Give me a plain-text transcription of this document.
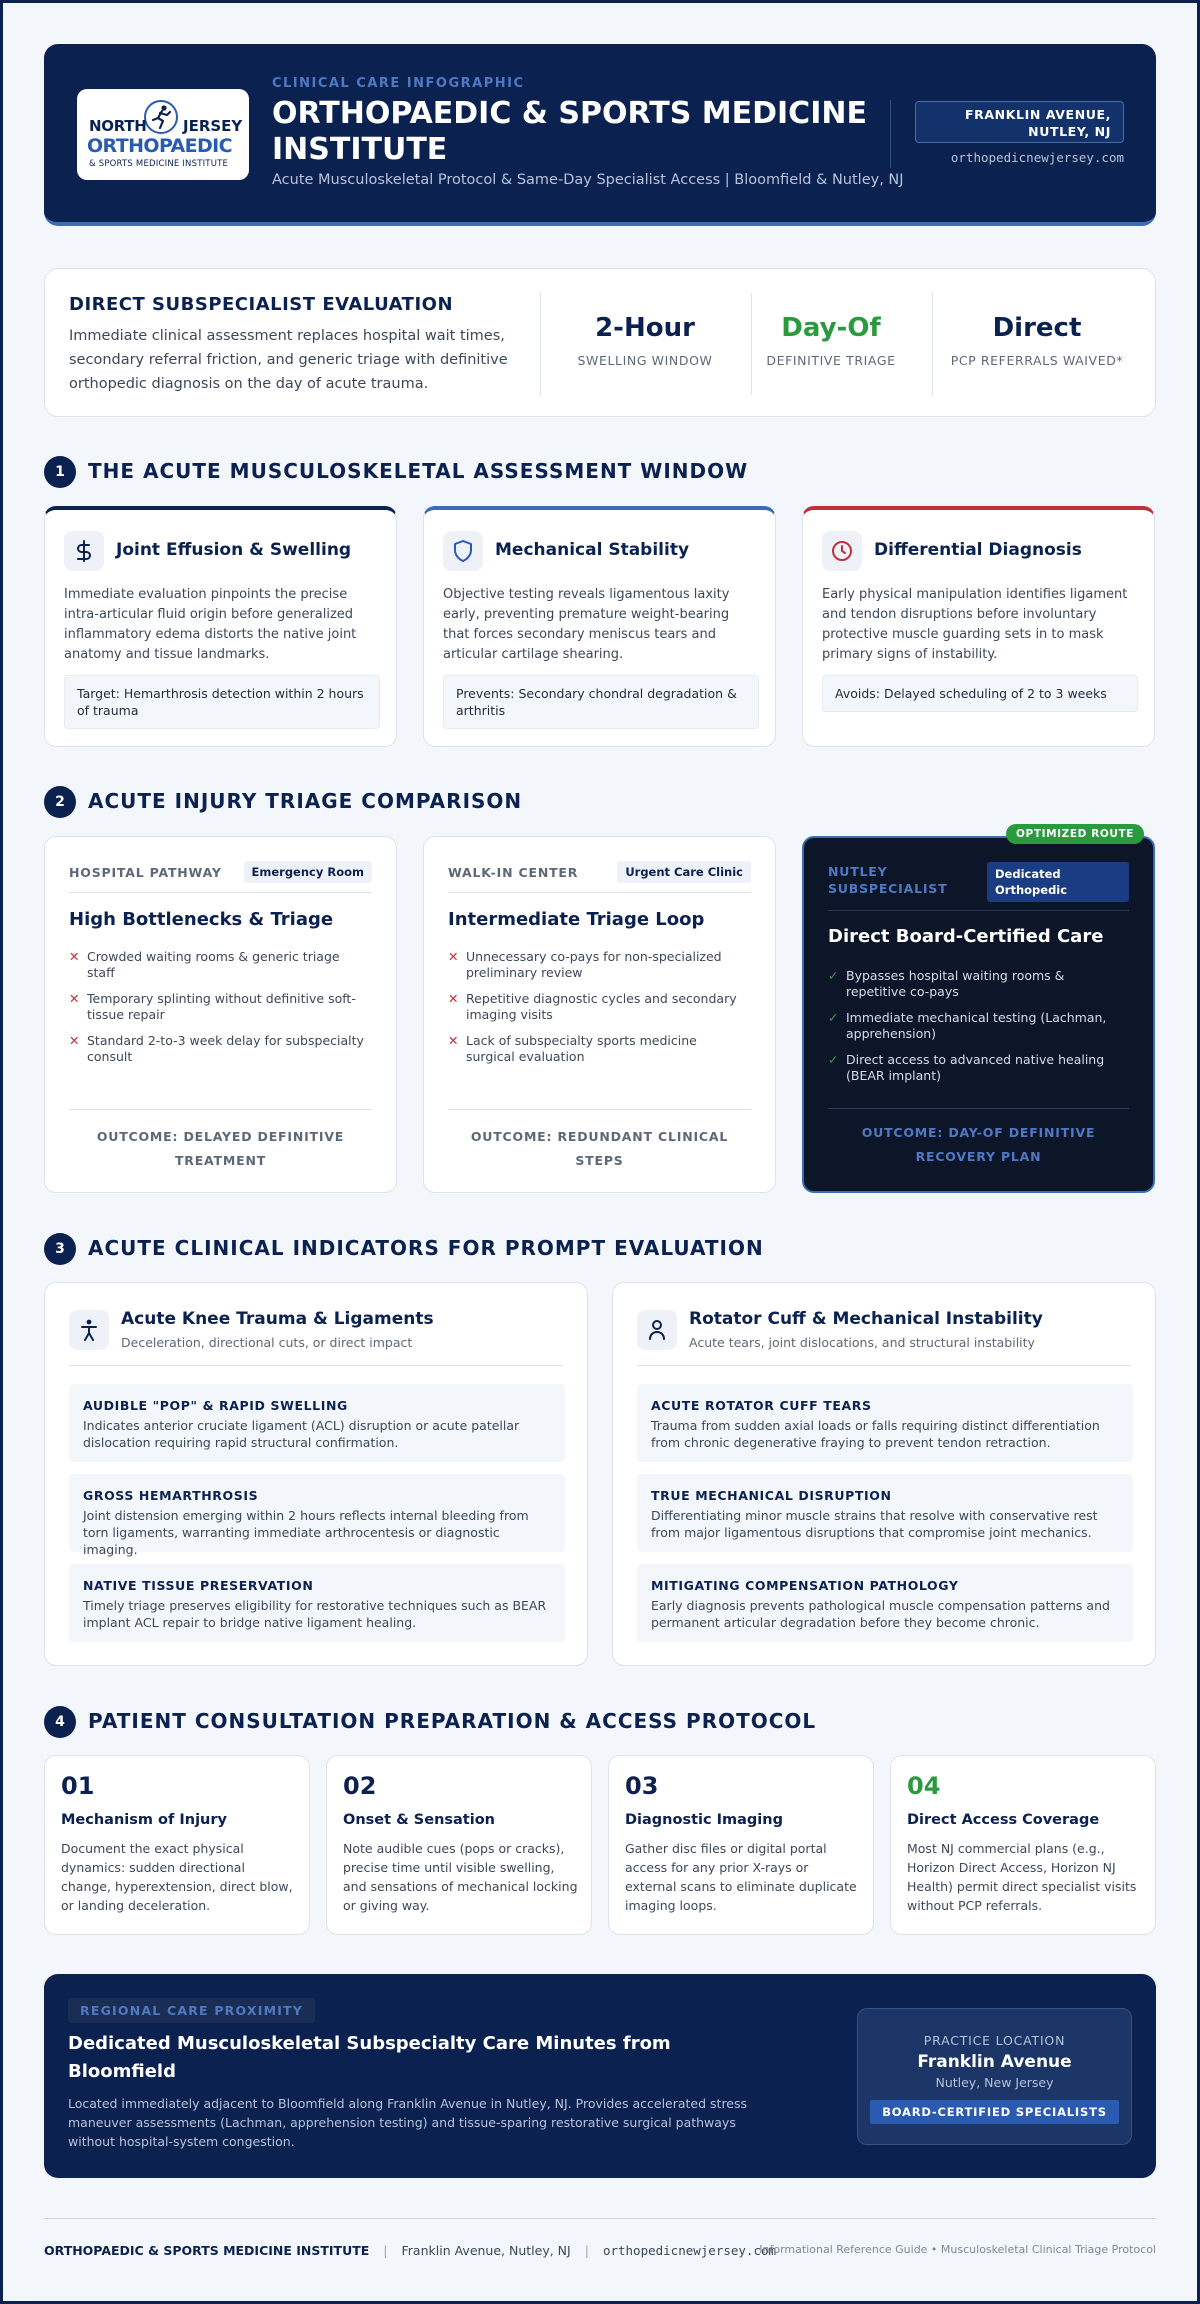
NORTH JERSEY
ORTHOPAEDIC
& SPORTS MEDICINE INSTITUTE
CLINICAL CARE INFOGRAPHIC
ORTHOPAEDIC & SPORTS MEDICINE INSTITUTE
Acute Musculoskeletal Protocol & Same-Day Specialist Access | Bloomfield & Nutley, NJ
FRANKLIN AVENUE, NUTLEY, NJ
orthopedicnewjersey.com
DIRECT SUBSPECIALIST EVALUATION
Immediate clinical assessment replaces hospital wait times, secondary referral friction, and generic triage with definitive orthopedic diagnosis on the day of acute trauma.
2-Hour
SWELLING WINDOW
Day-Of
DEFINITIVE TRIAGE
Direct
PCP REFERRALS WAIVED*
1	THE ACUTE MUSCULOSKELETAL ASSESSMENT WINDOW
Joint Effusion & Swelling
Immediate evaluation pinpoints the precise intra-articular fluid origin before generalized inflammatory edema distorts the native joint anatomy and tissue landmarks.
Target: Hemarthrosis detection within 2 hours of trauma
Mechanical Stability
Objective testing reveals ligamentous laxity early, preventing premature weight-bearing that forces secondary meniscus tears and articular cartilage shearing.
Prevents: Secondary chondral degradation & arthritis
Differential Diagnosis
Early physical manipulation identifies ligament and tendon disruptions before involuntary protective muscle guarding sets in to mask primary signs of instability.
Avoids: Delayed scheduling of 2 to 3 weeks
2	ACUTE INJURY TRIAGE COMPARISON
HOSPITAL PATHWAY	Emergency Room
High Bottlenecks & Triage
✕ Crowded waiting rooms & generic triage staff
✕ Temporary splinting without definitive soft-tissue repair
✕ Standard 2-to-3 week delay for subspecialty consult
OUTCOME: DELAYED DEFINITIVE TREATMENT
WALK-IN CENTER	Urgent Care Clinic
Intermediate Triage Loop
✕ Unnecessary co-pays for non-specialized preliminary review
✕ Repetitive diagnostic cycles and secondary imaging visits
✕ Lack of subspecialty sports medicine surgical evaluation
OUTCOME: REDUNDANT CLINICAL STEPS
NUTLEY SUBSPECIALIST
Dedicated Orthopedic
Direct Board-Certified Care
✓ Bypasses hospital waiting rooms & repetitive co-pays
✓ Immediate mechanical testing (Lachman, apprehension)
✓ Direct access to advanced native healing (BEAR implant)
OUTCOME: DAY-OF DEFINITIVE RECOVERY PLAN
OPTIMIZED ROUTE
3	ACUTE CLINICAL INDICATORS FOR PROMPT EVALUATION
Acute Knee Trauma & Ligaments
Deceleration, directional cuts, or direct impact
AUDIBLE "POP" & RAPID SWELLING
Indicates anterior cruciate ligament (ACL) disruption or acute patellar dislocation requiring rapid structural confirmation.
GROSS HEMARTHROSIS
Joint distension emerging within 2 hours reflects internal bleeding from torn ligaments, warranting immediate arthrocentesis or diagnostic imaging.
NATIVE TISSUE PRESERVATION
Timely triage preserves eligibility for restorative techniques such as BEAR implant ACL repair to bridge native ligament healing.
Rotator Cuff & Mechanical Instability
Acute tears, joint dislocations, and structural instability
ACUTE ROTATOR CUFF TEARS
Trauma from sudden axial loads or falls requiring distinct differentiation from chronic degenerative fraying to prevent tendon retraction.
TRUE MECHANICAL DISRUPTION
Differentiating minor muscle strains that resolve with conservative rest from major ligamentous disruptions that compromise joint mechanics.
MITIGATING COMPENSATION PATHOLOGY
Early diagnosis prevents pathological muscle compensation patterns and permanent articular degradation before they become chronic.
4	PATIENT CONSULTATION PREPARATION & ACCESS PROTOCOL
01
Mechanism of Injury
Document the exact physical dynamics: sudden directional change, hyperextension, direct blow, or landing deceleration.
02
Onset & Sensation
Note audible cues (pops or cracks), precise time until visible swelling, and sensations of mechanical locking or giving way.
03
Diagnostic Imaging
Gather disc files or digital portal access for any prior X-rays or external scans to eliminate duplicate imaging loops.
04
Direct Access Coverage
Most NJ commercial plans (e.g., Horizon Direct Access, Horizon NJ Health) permit direct specialist visits without PCP referrals.
REGIONAL CARE PROXIMITY
Dedicated Musculoskeletal Subspecialty Care Minutes from Bloomfield
Located immediately adjacent to Bloomfield along Franklin Avenue in Nutley, NJ. Provides accelerated stress maneuver assessments (Lachman, apprehension testing) and tissue-sparing restorative surgical pathways without hospital-system congestion.
PRACTICE LOCATION
Franklin Avenue
Nutley, New Jersey
BOARD-CERTIFIED SPECIALISTS
ORTHOPAEDIC & SPORTS MEDICINE INSTITUTE | Franklin Avenue, Nutley, NJ | orthopedicnewjersey.com
Informational Reference Guide • Musculoskeletal Clinical Triage Protocol
